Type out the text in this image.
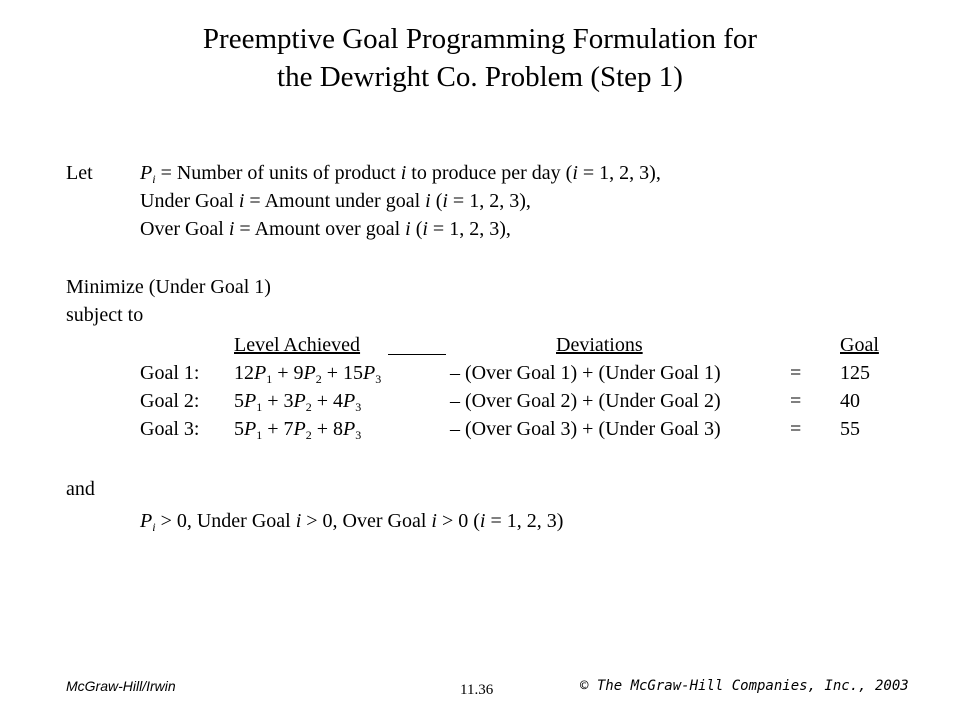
Preemptive Goal Programming Formulation for
the Dewright Co. Problem (Step 1)
Let $P_i$ = Number of units of product i to produce per day (i = 1, 2, 3),
Under Goal i = Amount under goal i (i = 1, 2, 3),
Over Goal i = Amount over goal i (i = 1, 2, 3),
Minimize (Under Goal 1)
subject to
Level Achieved	Deviations	Goal
Goal 1: $12P_1 + 9P_2 + 15P_3$	– (Over Goal 1) + (Under Goal 1)	= 125
Goal 2: $5P_1 + 3P_2 + 4P_3$	– (Over Goal 2) + (Under Goal 2)	= 40
Goal 3: $5P_1 + 7P_2 + 8P_3$	– (Over Goal 3) + (Under Goal 3)	= 55
and
$P_i > 0$, Under Goal i > 0, Over Goal i > 0 (i = 1, 2, 3)
McGraw-Hill/Irwin	11.36	© The McGraw-Hill Companies, Inc., 2003
